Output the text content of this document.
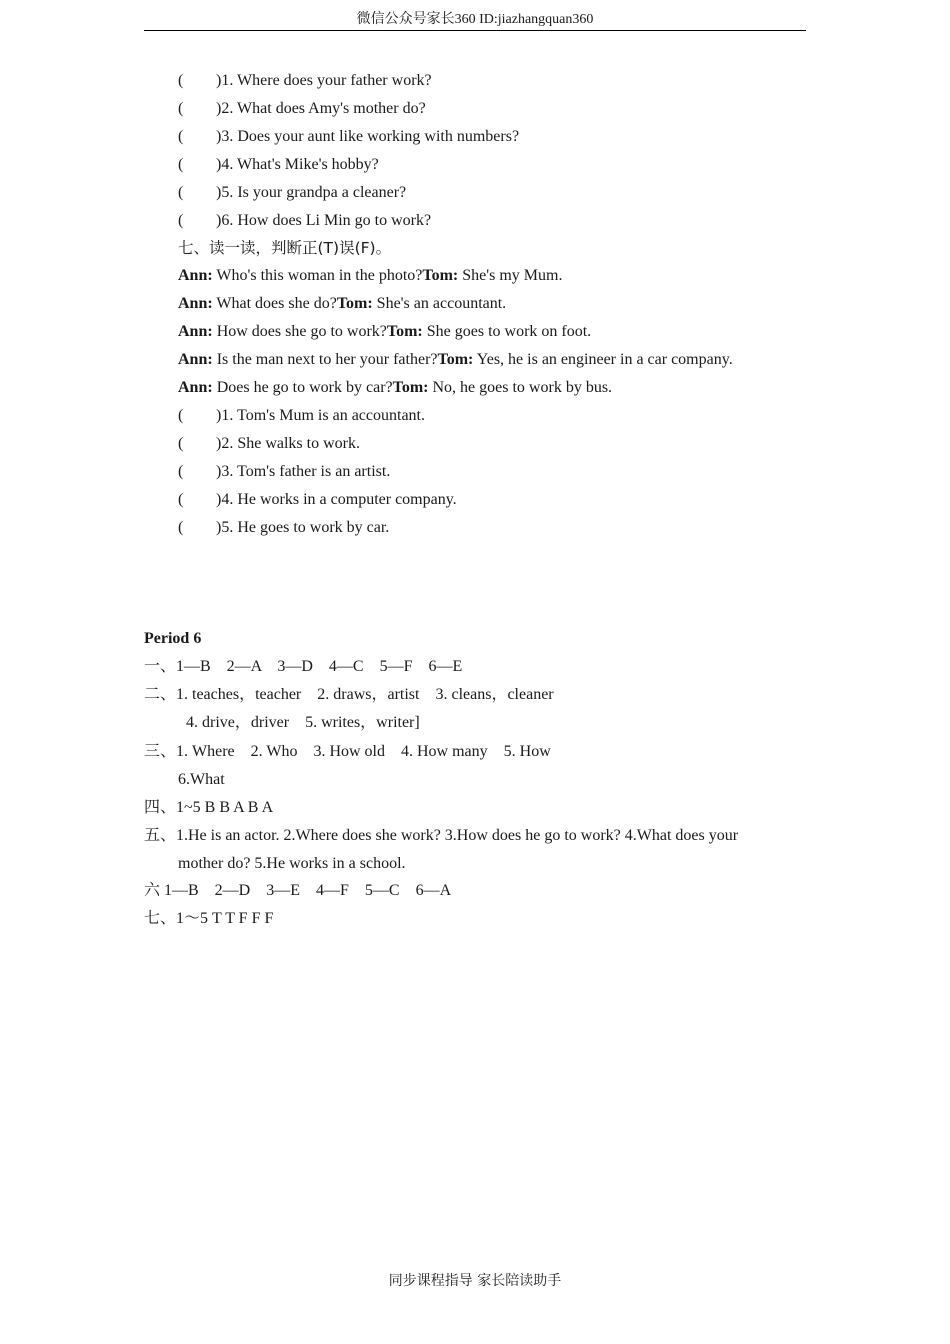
微信公众号家长360 ID:jiazhangquan360
( )1. Where does your father work?
( )2. What does Amy's mother do?
( )3. Does your aunt like working with numbers?
( )4. What's Mike's hobby?
( )5. Is your grandpa a cleaner?
( )6. How does Li Min go to work?
七、读一读，判断正(T)误(F)。
Ann: Who's this woman in the photo?Tom: She's my Mum.
Ann: What does she do?Tom: She's an accountant.
Ann: How does she go to work?Tom: She goes to work on foot.
Ann: Is the man next to her your father?Tom: Yes, he is an engineer in a car company.
Ann: Does he go to work by car?Tom: No, he goes to work by bus.
( )1. Tom's Mum is an accountant.
( )2. She walks to work.
( )3. Tom's father is an artist.
( )4. He works in a computer company.
( )5. He goes to work by car.
Period 6
一、1—B　2—A　3—D　4—C　5—F　6—E
二、1. teaches，teacher　2. draws，artist　3. cleans，cleaner
4. drive，driver　5. writes，writer]
三、1. Where　2. Who　3. How old　4. How many　5. How
6.What
四、1~5 B B A B A
五、1.He is an actor. 2.Where does she work? 3.How does he go to work? 4.What does your
mother do? 5.He works in a school.
六 1—B　2—D　3—E　4—F　5—C　6—A
七、1～5 T T F F F
同步课程指导 家长陪读助手
